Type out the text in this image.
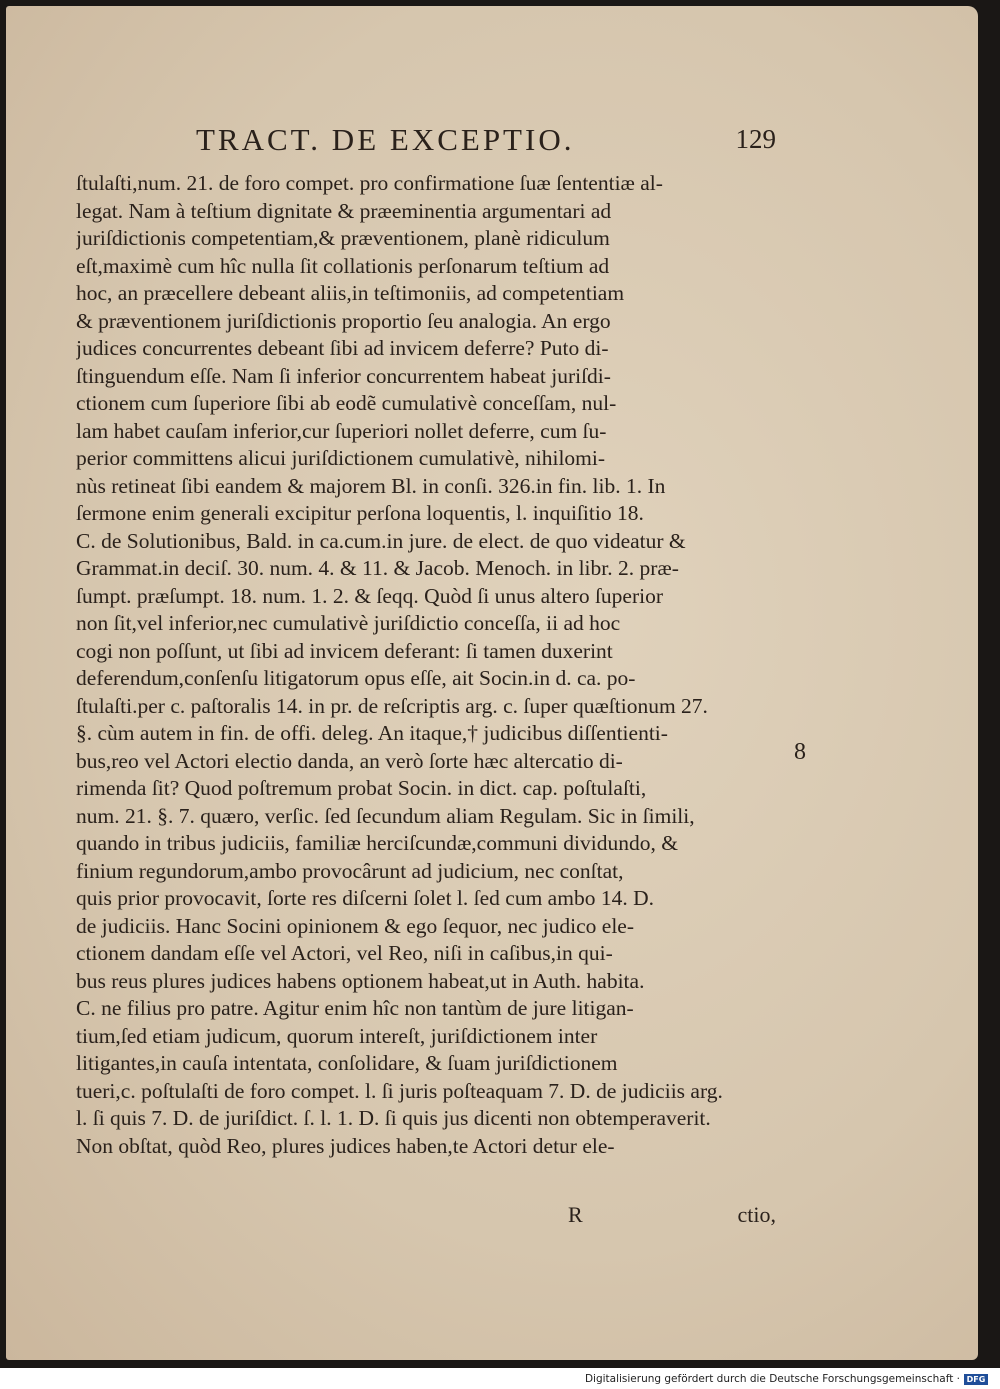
TRACT. DE EXCEPTIO.	129
ſtulaſti,num. 21. de foro compet. pro confirmatione ſuæ ſententiæ al-
legat. Nam à teſtium dignitate & præeminentia argumentari ad
juriſdictionis competentiam,& præventionem, planè ridiculum
eſt,maximè cum hîc nulla ſit collationis perſonarum teſtium ad
hoc, an præcellere debeant aliis,in teſtimoniis, ad competentiam
& præventionem juriſdictionis proportio ſeu analogia. An ergo
judices concurrentes debeant ſibi ad invicem deferre? Puto di-
ſtinguendum eſſe. Nam ſi inferior concurrentem habeat juriſdi-
ctionem cum ſuperiore ſibi ab eodẽ cumulativè conceſſam, nul-
lam habet cauſam inferior,cur ſuperiori nollet deferre, cum ſu-
perior committens alicui juriſdictionem cumulativè, nihilomi-
nùs retineat ſibi eandem & majorem Bl. in conſi. 326.in fin. lib. 1. In
ſermone enim generali excipitur perſona loquentis, l. inquiſitio 18.
C. de Solutionibus, Bald. in ca.cum.in jure. de elect. de quo videatur &
Grammat.in deciſ. 30. num. 4. & 11. & Jacob. Menoch. in libr. 2. præ-
ſumpt. præſumpt. 18. num. 1. 2. & ſeqq. Quòd ſi unus altero ſuperior
non ſit,vel inferior,nec cumulativè juriſdictio conceſſa, ii ad hoc
cogi non poſſunt, ut ſibi ad invicem deferant: ſi tamen duxerint
deferendum,conſenſu litigatorum opus eſſe, ait Socin.in d. ca. po-
ſtulaſti.per c. paſtoralis 14. in pr. de reſcriptis arg. c. ſuper quæſtionum 27.
§. cùm autem in fin. de offi. deleg. An itaque,† judicibus diſſentienti-
bus,reo vel Actori electio danda, an verò ſorte hæc altercatio di-
rimenda ſit? Quod poſtremum probat Socin. in dict. cap. poſtulaſti,
num. 21. §. 7. quæro, verſic. ſed ſecundum aliam Regulam. Sic in ſimili,
quando in tribus judiciis, familiæ herciſcundæ,communi dividundo, &
finium regundorum,ambo provocârunt ad judicium, nec conſtat,
quis prior provocavit, ſorte res diſcerni ſolet l. ſed cum ambo 14. D.
de judiciis. Hanc Socini opinionem & ego ſequor, nec judico ele-
ctionem dandam eſſe vel Actori, vel Reo, niſi in caſibus,in qui-
bus reus plures judices habens optionem habeat,ut in Auth. habita.
C. ne filius pro patre. Agitur enim hîc non tantùm de jure litigan-
tium,ſed etiam judicum, quorum intereſt, juriſdictionem inter
litigantes,in cauſa intentata, conſolidare, & ſuam juriſdictionem
tueri,c. poſtulaſti de foro compet. l. ſi juris poſteaquam 7. D. de judiciis arg.
l. ſi quis 7. D. de juriſdict. ſ. l. 1. D. ſi quis jus dicenti non obtemperaverit.
Non obſtat, quòd Reo, plures judices haben,te Actori detur ele-
8
R	ctio,
Digitalisierung gefördert durch die Deutsche Forschungsgemeinschaft · DFG
